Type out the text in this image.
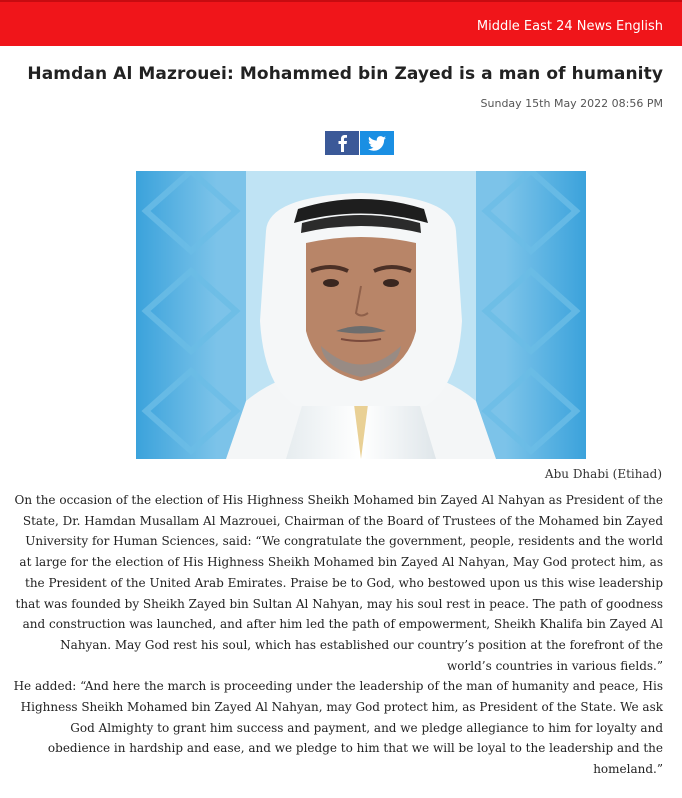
Middle East 24 News English
Hamdan Al Mazrouei: Mohammed bin Zayed is a man of humanity
Sunday 15th May 2022 08:56 PM
Abu Dhabi (Etihad)

On the occasion of the election of His Highness Sheikh Mohamed bin Zayed Al Nahyan as President of the State, Dr. Hamdan Musallam Al Mazrouei, Chairman of the Board of Trustees of the Mohamed bin Zayed University for Human Sciences, said: “We congratulate the government, people, residents and the world at large for the election of His Highness Sheikh Mohamed bin Zayed Al Nahyan, May God protect him, as the President of the United Arab Emirates. Praise be to God, who bestowed upon us this wise leadership that was founded by Sheikh Zayed bin Sultan Al Nahyan, may his soul rest in peace. The path of goodness and construction was launched, and after him led the path of empowerment, Sheikh Khalifa bin Zayed Al Nahyan. May God rest his soul, which has established our country’s position at the forefront of the world’s countries in various fields.”

He added: “And here the march is proceeding under the leadership of the man of humanity and peace, His Highness Sheikh Mohamed bin Zayed Al Nahyan, may God protect him, as President of the State. We ask God Almighty to grant him success and payment, and we pledge allegiance to him for loyalty and obedience in hardship and ease, and we pledge to him that we will be loyal to the leadership and the homeland.”
